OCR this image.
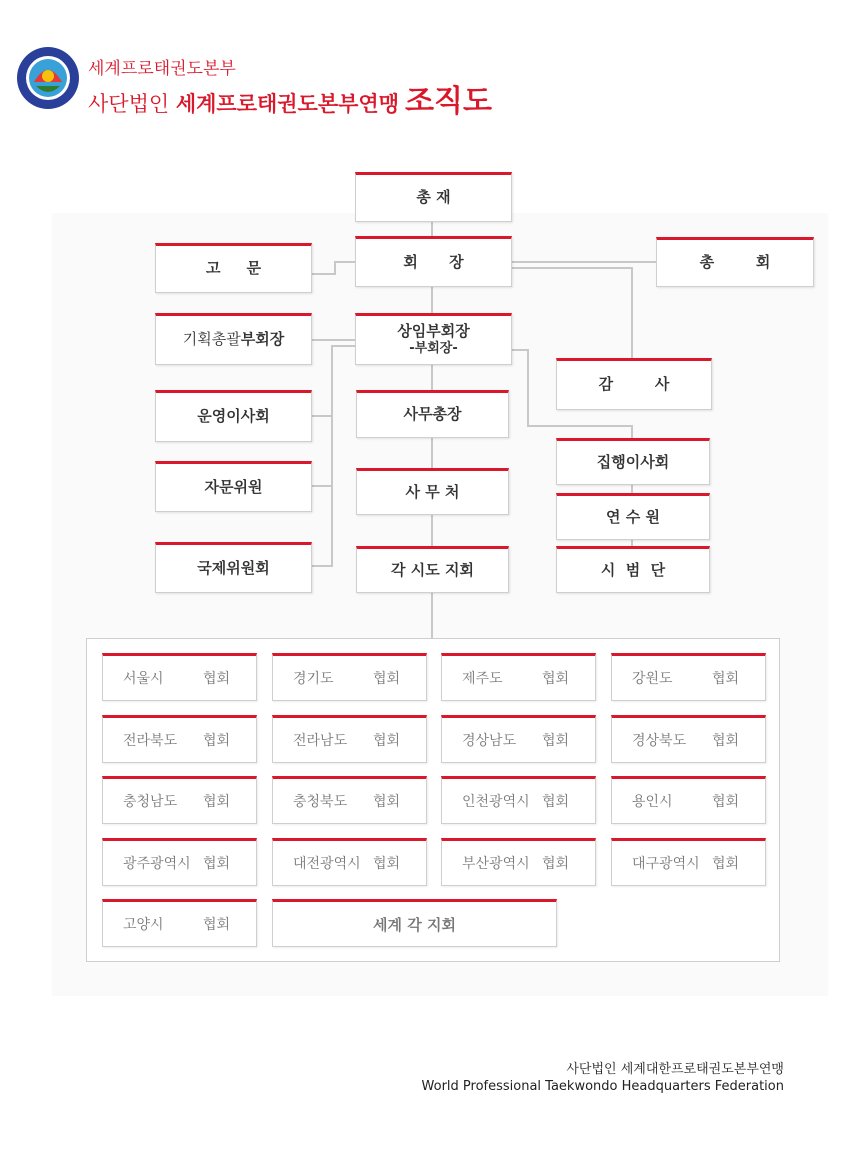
세계프로태권도본부
사단법인 세계프로태권도본부연맹 조직도
총 재
회      장	총        회
고     문
기획총괄부회장	상임부회장
-부회장-
감        사
운영이사회	사무총장
집행이사회
자문위원	사 무 처
연 수 원
국제위원회	각 시도 지회	시  범  단
서울시	협회	경기도	협회	제주도	협회	강원도	협회
전라북도	협회	전라남도	협회	경상남도	협회	경상북도	협회
충청남도	협회	충청북도	협회	인천광역시 협회	용인시	협회
광주광역시 협회	대전광역시 협회	부산광역시 협회	대구광역시 협회
고양시	협회	세계 각 지회
사단법인 세계대한프로태권도본부연맹
World Professional Taekwondo Headquarters Federation
